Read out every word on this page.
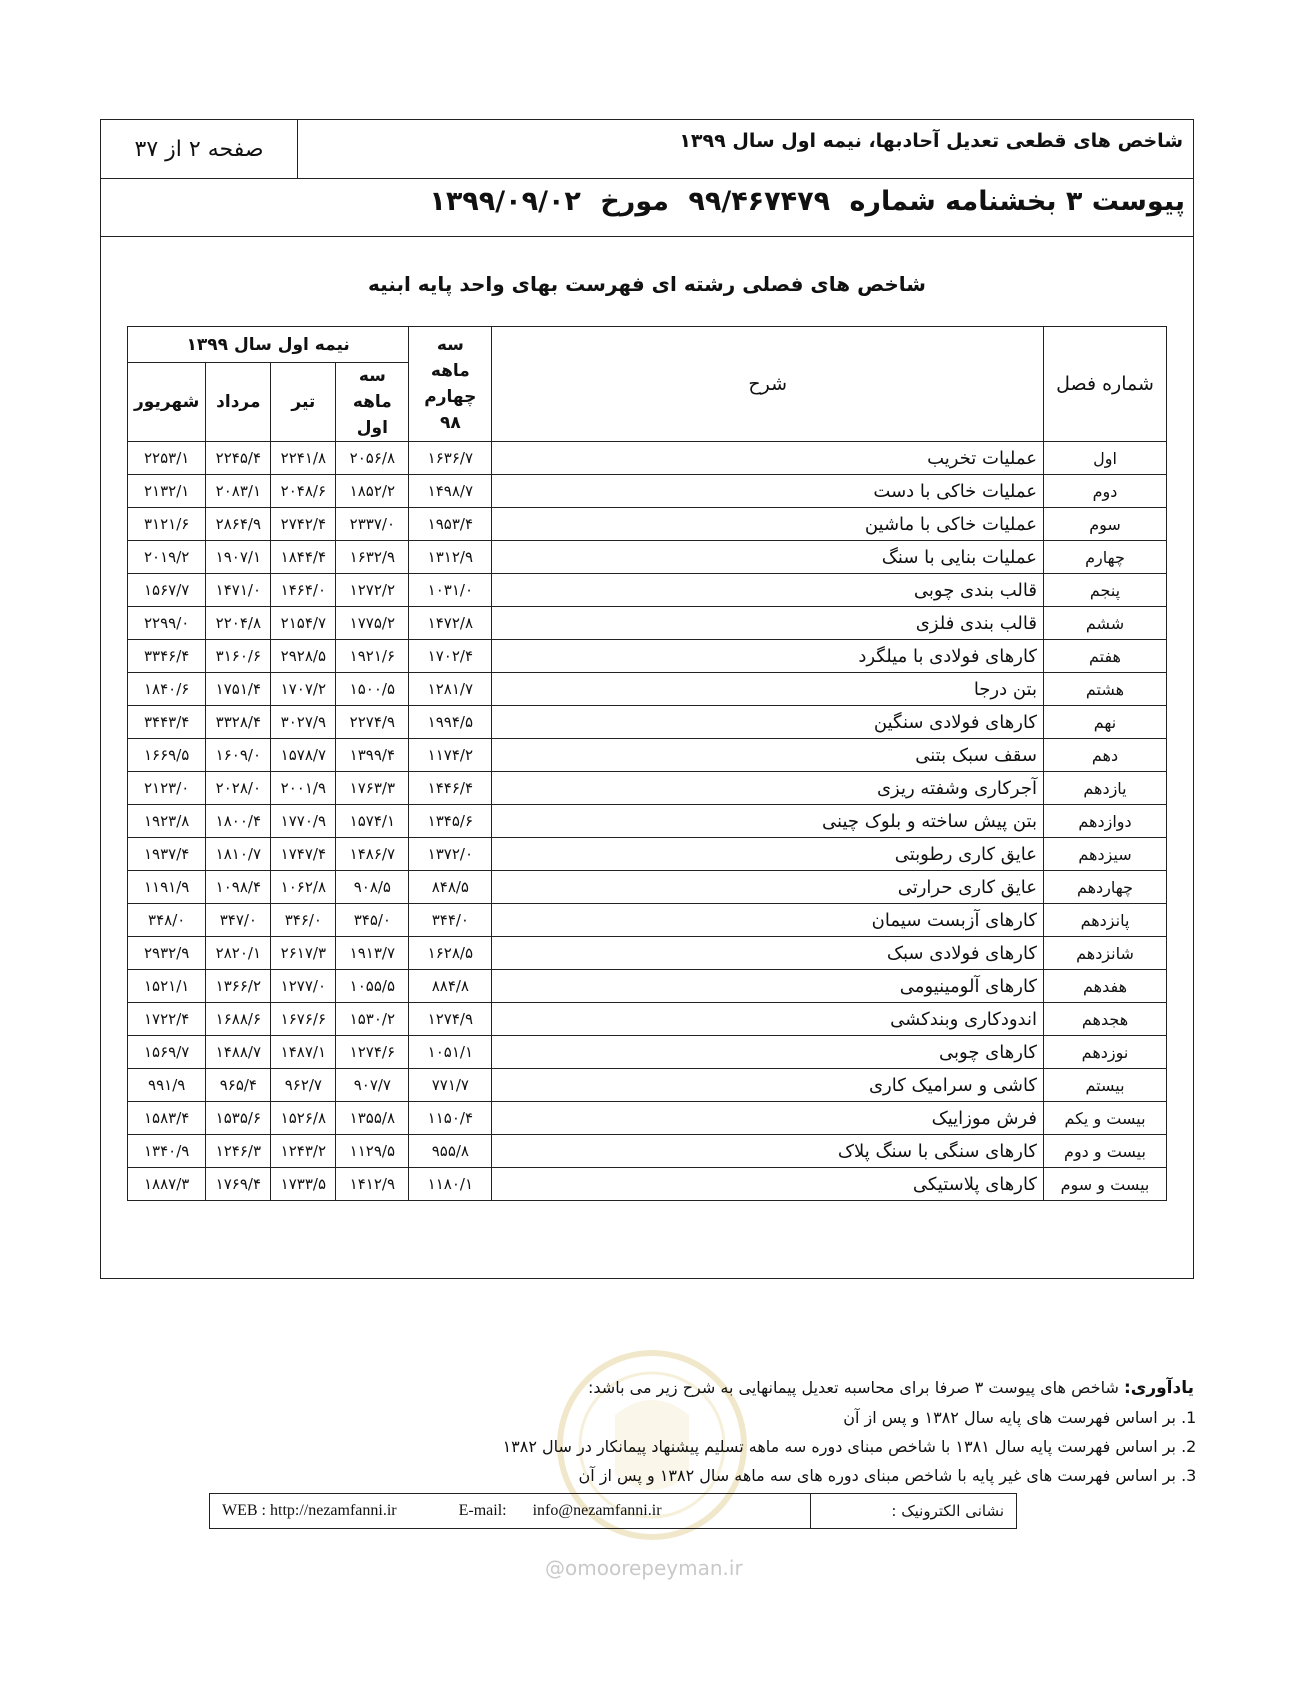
صفحه ۲ از ۳۷	شاخص های قطعی تعدیل آحادبها، نیمه اول سال ۱۳۹۹
پیوست ۳ بخشنامه شماره ۹۹/۴۶۷۴۷۹ مورخ ۱۳۹۹/۰۹/۰۲
شاخص های فصلی رشته ای فهرست بهای واحد پایه ابنیه
شماره فصل	شرح	سه ماهه چهارم ۹۸	نیمه اول سال ۱۳۹۹			
			سه ماهه اول	تیر	مرداد	شهریور
اول	عملیات تخریب	۱۶۳۶/۷	۲۰۵۶/۸	۲۲۴۱/۸	۲۲۴۵/۴	۲۲۵۳/۱
دوم	عملیات خاکی با دست	۱۴۹۸/۷	۱۸۵۲/۲	۲۰۴۸/۶	۲۰۸۳/۱	۲۱۳۲/۱
سوم	عملیات خاکی با ماشین	۱۹۵۳/۴	۲۳۳۷/۰	۲۷۴۲/۴	۲۸۶۴/۹	۳۱۲۱/۶
چهارم	عملیات بنایی با سنگ	۱۳۱۲/۹	۱۶۳۲/۹	۱۸۴۴/۴	۱۹۰۷/۱	۲۰۱۹/۲
پنجم	قالب بندی چوبی	۱۰۳۱/۰	۱۲۷۲/۲	۱۴۶۴/۰	۱۴۷۱/۰	۱۵۶۷/۷
ششم	قالب بندی فلزی	۱۴۷۲/۸	۱۷۷۵/۲	۲۱۵۴/۷	۲۲۰۴/۸	۲۲۹۹/۰
هفتم	کارهای فولادی با میلگرد	۱۷۰۲/۴	۱۹۲۱/۶	۲۹۲۸/۵	۳۱۶۰/۶	۳۳۴۶/۴
هشتم	بتن درجا	۱۲۸۱/۷	۱۵۰۰/۵	۱۷۰۷/۲	۱۷۵۱/۴	۱۸۴۰/۶
نهم	کارهای فولادی سنگین	۱۹۹۴/۵	۲۲۷۴/۹	۳۰۲۷/۹	۳۳۲۸/۴	۳۴۴۳/۴
دهم	سقف سبک بتنی	۱۱۷۴/۲	۱۳۹۹/۴	۱۵۷۸/۷	۱۶۰۹/۰	۱۶۶۹/۵
یازدهم	آجرکاری وشفته ریزی	۱۴۴۶/۴	۱۷۶۳/۳	۲۰۰۱/۹	۲۰۲۸/۰	۲۱۲۳/۰
دوازدهم	بتن پیش ساخته و بلوک چینی	۱۳۴۵/۶	۱۵۷۴/۱	۱۷۷۰/۹	۱۸۰۰/۴	۱۹۲۳/۸
سیزدهم	عایق کاری رطوبتی	۱۳۷۲/۰	۱۴۸۶/۷	۱۷۴۷/۴	۱۸۱۰/۷	۱۹۳۷/۴
چهاردهم	عایق کاری حرارتی	۸۴۸/۵	۹۰۸/۵	۱۰۶۲/۸	۱۰۹۸/۴	۱۱۹۱/۹
پانزدهم	کارهای آزبست سیمان	۳۴۴/۰	۳۴۵/۰	۳۴۶/۰	۳۴۷/۰	۳۴۸/۰
شانزدهم	کارهای فولادی سبک	۱۶۲۸/۵	۱۹۱۳/۷	۲۶۱۷/۳	۲۸۲۰/۱	۲۹۳۲/۹
هفدهم	کارهای آلومینیومی	۸۸۴/۸	۱۰۵۵/۵	۱۲۷۷/۰	۱۳۶۶/۲	۱۵۲۱/۱
هجدهم	اندودکاری وبندکشی	۱۲۷۴/۹	۱۵۳۰/۲	۱۶۷۶/۶	۱۶۸۸/۶	۱۷۲۲/۴
نوزدهم	کارهای چوبی	۱۰۵۱/۱	۱۲۷۴/۶	۱۴۸۷/۱	۱۴۸۸/۷	۱۵۶۹/۷
بیستم	کاشی و سرامیک کاری	۷۷۱/۷	۹۰۷/۷	۹۶۲/۷	۹۶۵/۴	۹۹۱/۹
بیست و یکم	فرش موزاییک	۱۱۵۰/۴	۱۳۵۵/۸	۱۵۲۶/۸	۱۵۳۵/۶	۱۵۸۳/۴
بیست و دوم	کارهای سنگی با سنگ پلاک	۹۵۵/۸	۱۱۲۹/۵	۱۲۴۳/۲	۱۲۴۶/۳	۱۳۴۰/۹
بیست و سوم	کارهای پلاستیکی	۱۱۸۰/۱	۱۴۱۲/۹	۱۷۳۳/۵	۱۷۶۹/۴	۱۸۸۷/۳
یادآوری: شاخص های پیوست ۳ صرفا برای محاسبه تعدیل پیمانهایی به شرح زیر می باشد:
1. بر اساس فهرست های پایه سال ۱۳۸۲ و پس از آن
2. بر اساس فهرست پایه سال ۱۳۸۱ با شاخص مبنای دوره سه ماهه تسلیم پیشنهاد پیمانکار در سال ۱۳۸۲
3. بر اساس فهرست های غیر پایه با شاخص مبنای دوره های سه ماهه سال ۱۳۸۲ و پس از آن
WEB : http://nezamfanni.ir	E-mail: info@nezamfanni.ir	نشانی الکترونیک :
@omoorepeyman.ir
